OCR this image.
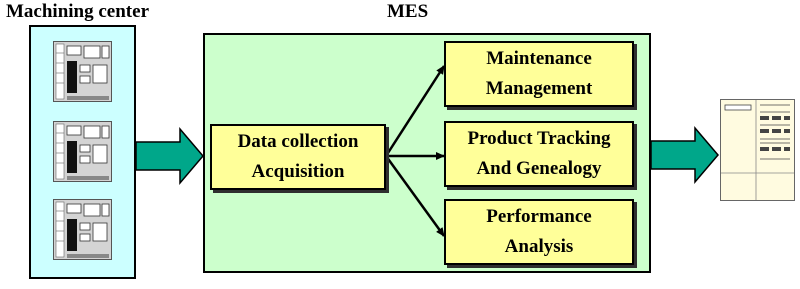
Machining center	MES
Data collection
Acquisition
Maintenance
Management
Product Tracking
And Genealogy
Performance
Analysis
